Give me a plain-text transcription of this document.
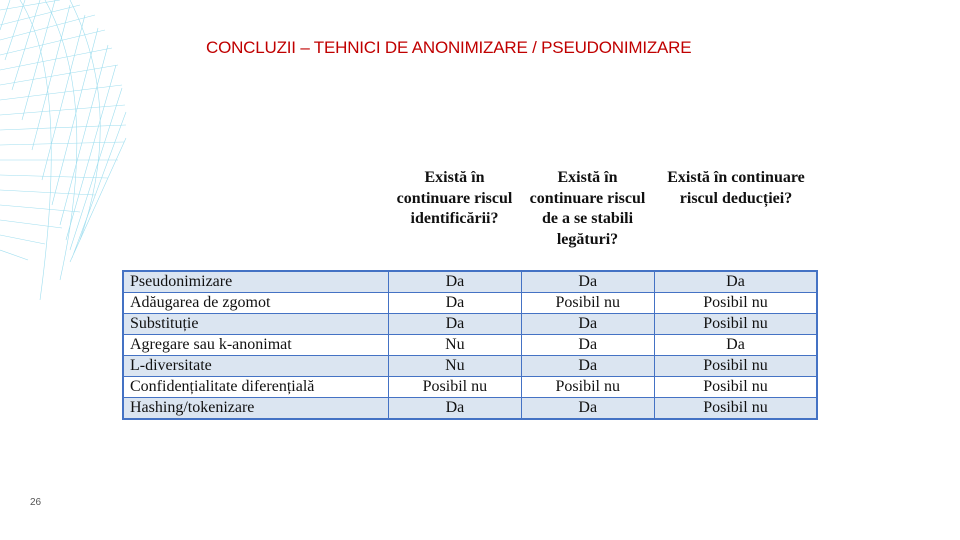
CONCLUZII – TEHNICI DE ANONIMIZARE / PSEUDONIMIZARE
Există în continuare riscul identificării?
Există în continuare riscul de a se stabili legături?
Există în continuare riscul deducției?
Pseudonimizare	Da	Da	Da
Adăugarea de zgomot	Da	Posibil nu	Posibil nu
Substituție	Da	Da	Posibil nu
Agregare sau k-anonimat	Nu	Da	Da
L-diversitate	Nu	Da	Posibil nu
Confidențialitate diferențială	Posibil nu	Posibil nu	Posibil nu
Hashing/tokenizare	Da	Da	Posibil nu
26
